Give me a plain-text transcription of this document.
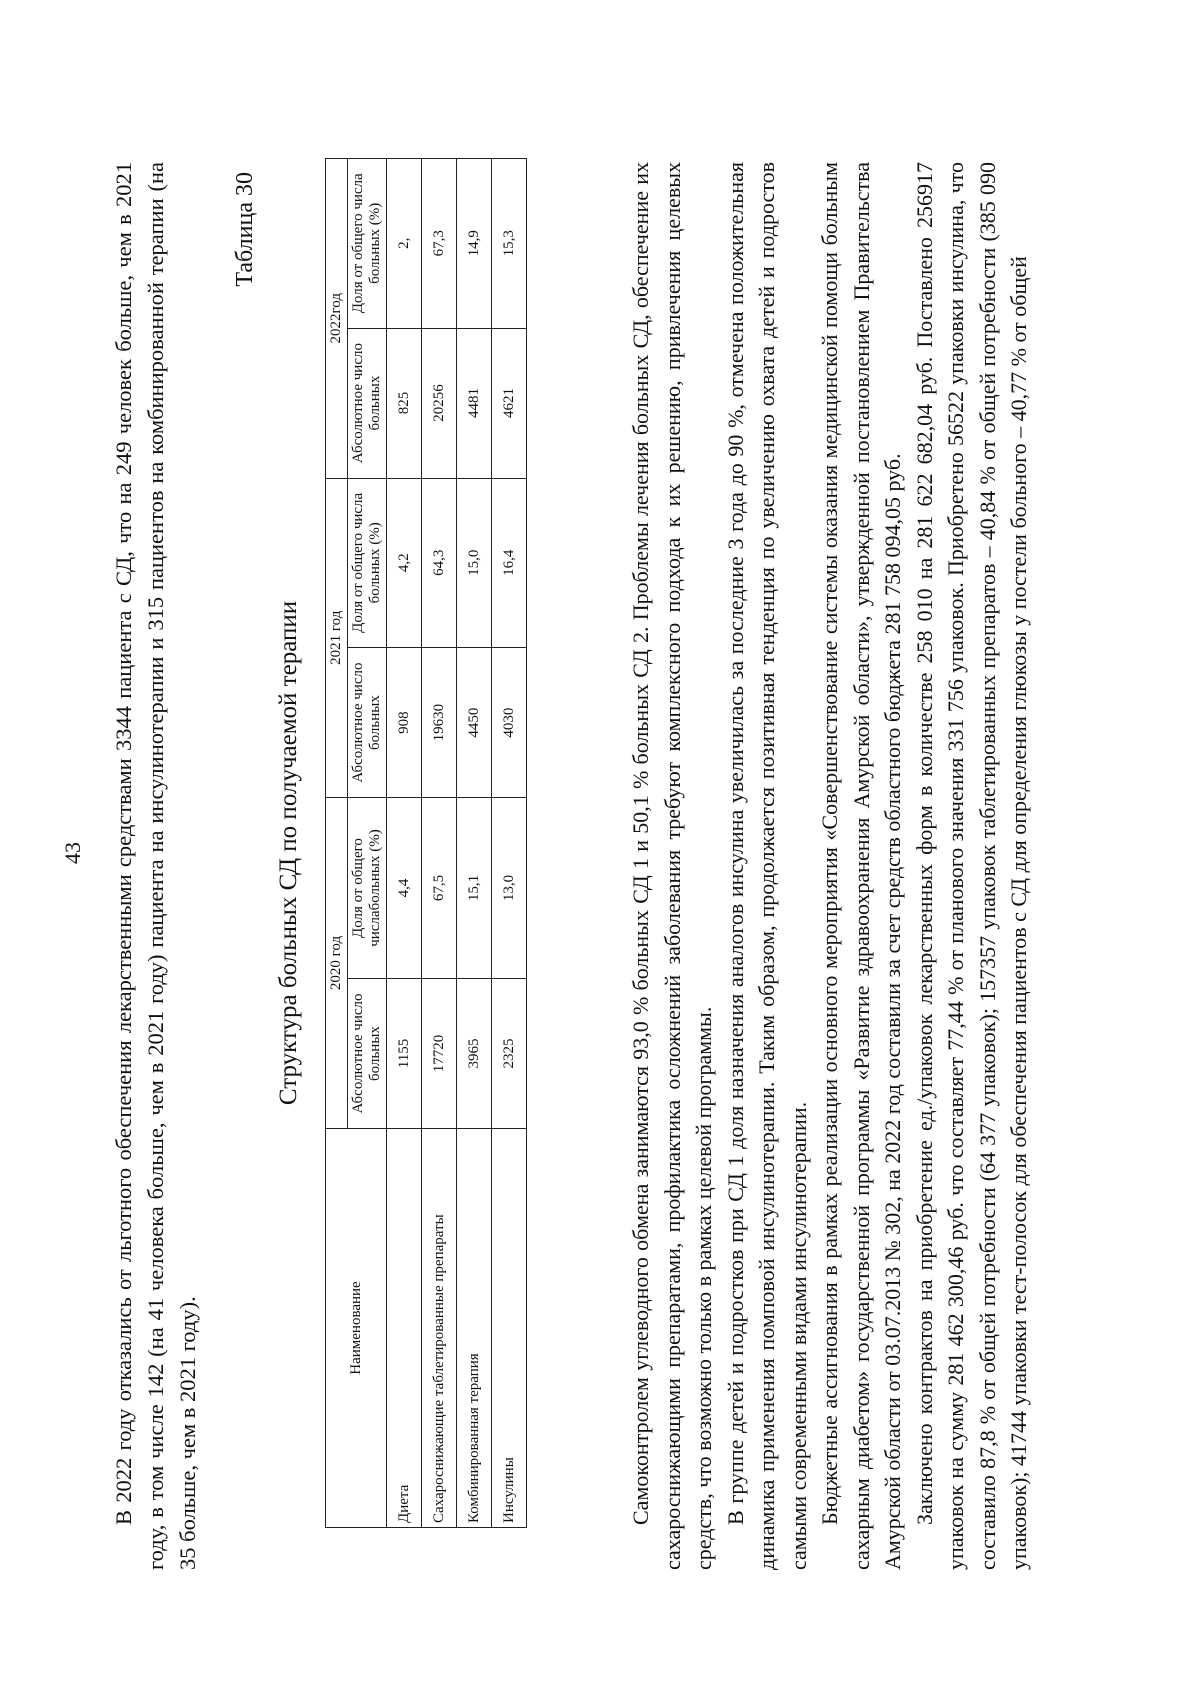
43 В 2022 году отказались от льготного обеспечения лекарственными средствами 3344 пациента с СД, что на 249 человек больше, чем в 2021 году, в том числе 142 (на 41 человека больше, чем в 2021 году) пациента на инсулинотерапии и 315 пациентов на комбинированной терапии (на 35 больше, чем в 2021 году).

Таблица 30
Структура больных СД по получаемой терапии
Наименование	2020 год		2021 год		2022год	
	Абсолютное число больных	Доля от общего числабольных (%)	Абсолютное число больных	Доля от общего числа больных (%)	Абсолютное число больных	Доля от общего числа больных (%)
Диета	1155	4,4	908	4,2	825	2,
Сахароснижающие таблетированные препараты	17720	67,5	19630	64,3	20256	67,3
Комбинированная терапия	3965	15,1	4450	15,0	4481	14,9
Инсулины	2325	13,0	4030	16,4	4621	15,3	Самоконтролем углеводного обмена занимаются 93,0 % больных СД 1 и 50,1 % больных СД 2. Проблемы лечения больных СД, обеспечение их сахароснижающими препаратами, профилактика осложнений заболевания требуют комплексного подхода к их решению, привлечения целевых средств, что возможно только в рамках целевой программы. В группе детей и подростков при СД 1 доля назначения аналогов инсулина увеличилась за последние 3 года до 90 %, отмечена положительная динамика применения помповой инсулинотерапии. Таким образом, продолжается позитивная тенденция по увеличению охвата детей и подростов самыми современными видами инсулинотерапии. Бюджетные ассигнования в рамках реализации основного мероприятия «Совершенствование системы оказания медицинской помощи больным сахарным диабетом» государственной программы «Развитие здравоохранения Амурской области», утвержденной постановлением Правительства Амурской области от 03.07.2013 № 302, на 2022 год составили за счет средств областного бюджета 281 758 094,05 руб. Заключено контрактов на приобретение ед./упаковок лекарственных форм в количестве 258 010 на 281 622 682,04 руб. Поставлено 256917 упаковок на сумму 281 462 300,46 руб. что составляет 77,44 % от планового значения 331 756 упаковок. Приобретено 56522 упаковки инсулина, что составило 87,8 % от общей потребности (64 377 упаковок); 157357 упаковок таблетированных препаратов – 40,84 % от общей потребности (385 090 упаковок); 41744 упаковки тест-полосок для обеспечения пациентов с СД для определения глюкозы у постели больного – 40,77 % от общей
